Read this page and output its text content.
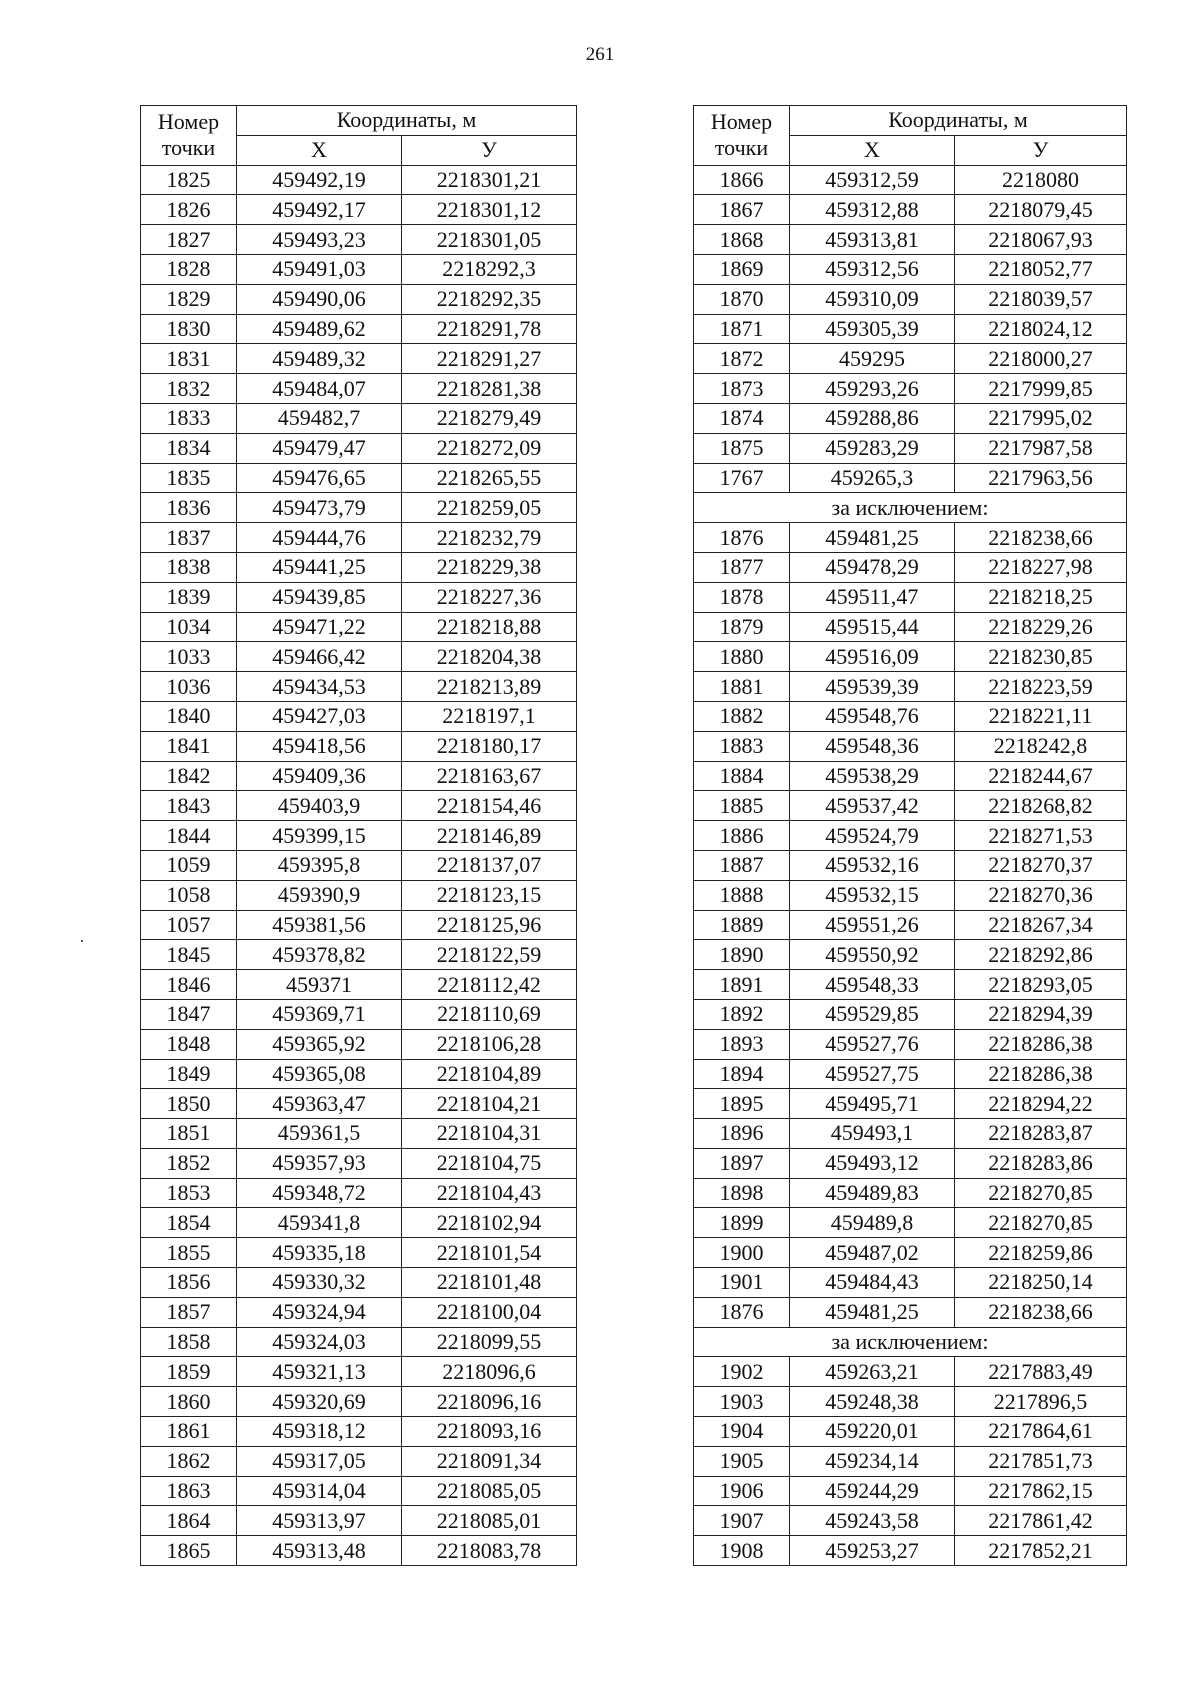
261
Номер точки	Координаты, м	
	X	У
1825	459492,19	2218301,21
1826	459492,17	2218301,12
1827	459493,23	2218301,05
1828	459491,03	2218292,3
1829	459490,06	2218292,35
1830	459489,62	2218291,78
1831	459489,32	2218291,27
1832	459484,07	2218281,38
1833	459482,7	2218279,49
1834	459479,47	2218272,09
1835	459476,65	2218265,55
1836	459473,79	2218259,05
1837	459444,76	2218232,79
1838	459441,25	2218229,38
1839	459439,85	2218227,36
1034	459471,22	2218218,88
1033	459466,42	2218204,38
1036	459434,53	2218213,89
1840	459427,03	2218197,1
1841	459418,56	2218180,17
1842	459409,36	2218163,67
1843	459403,9	2218154,46
1844	459399,15	2218146,89
1059	459395,8	2218137,07
1058	459390,9	2218123,15
1057	459381,56	2218125,96
1845	459378,82	2218122,59
1846	459371	2218112,42
1847	459369,71	2218110,69
1848	459365,92	2218106,28
1849	459365,08	2218104,89
1850	459363,47	2218104,21
1851	459361,5	2218104,31
1852	459357,93	2218104,75
1853	459348,72	2218104,43
1854	459341,8	2218102,94
1855	459335,18	2218101,54
1856	459330,32	2218101,48
1857	459324,94	2218100,04
1858	459324,03	2218099,55
1859	459321,13	2218096,6
1860	459320,69	2218096,16
1861	459318,12	2218093,16
1862	459317,05	2218091,34
1863	459314,04	2218085,05
1864	459313,97	2218085,01
1865	459313,48	2218083,78
Номер точки	Координаты, м	
	X	У
1866	459312,59	2218080
1867	459312,88	2218079,45
1868	459313,81	2218067,93
1869	459312,56	2218052,77
1870	459310,09	2218039,57
1871	459305,39	2218024,12
1872	459295	2218000,27
1873	459293,26	2217999,85
1874	459288,86	2217995,02
1875	459283,29	2217987,58
1767	459265,3	2217963,56
за исключением:		
1876	459481,25	2218238,66
1877	459478,29	2218227,98
1878	459511,47	2218218,25
1879	459515,44	2218229,26
1880	459516,09	2218230,85
1881	459539,39	2218223,59
1882	459548,76	2218221,11
1883	459548,36	2218242,8
1884	459538,29	2218244,67
1885	459537,42	2218268,82
1886	459524,79	2218271,53
1887	459532,16	2218270,37
1888	459532,15	2218270,36
1889	459551,26	2218267,34
1890	459550,92	2218292,86
1891	459548,33	2218293,05
1892	459529,85	2218294,39
1893	459527,76	2218286,38
1894	459527,75	2218286,38
1895	459495,71	2218294,22
1896	459493,1	2218283,87
1897	459493,12	2218283,86
1898	459489,83	2218270,85
1899	459489,8	2218270,85
1900	459487,02	2218259,86
1901	459484,43	2218250,14
1876	459481,25	2218238,66
за исключением:		
1902	459263,21	2217883,49
1903	459248,38	2217896,5
1904	459220,01	2217864,61
1905	459234,14	2217851,73
1906	459244,29	2217862,15
1907	459243,58	2217861,42
1908	459253,27	2217852,21
